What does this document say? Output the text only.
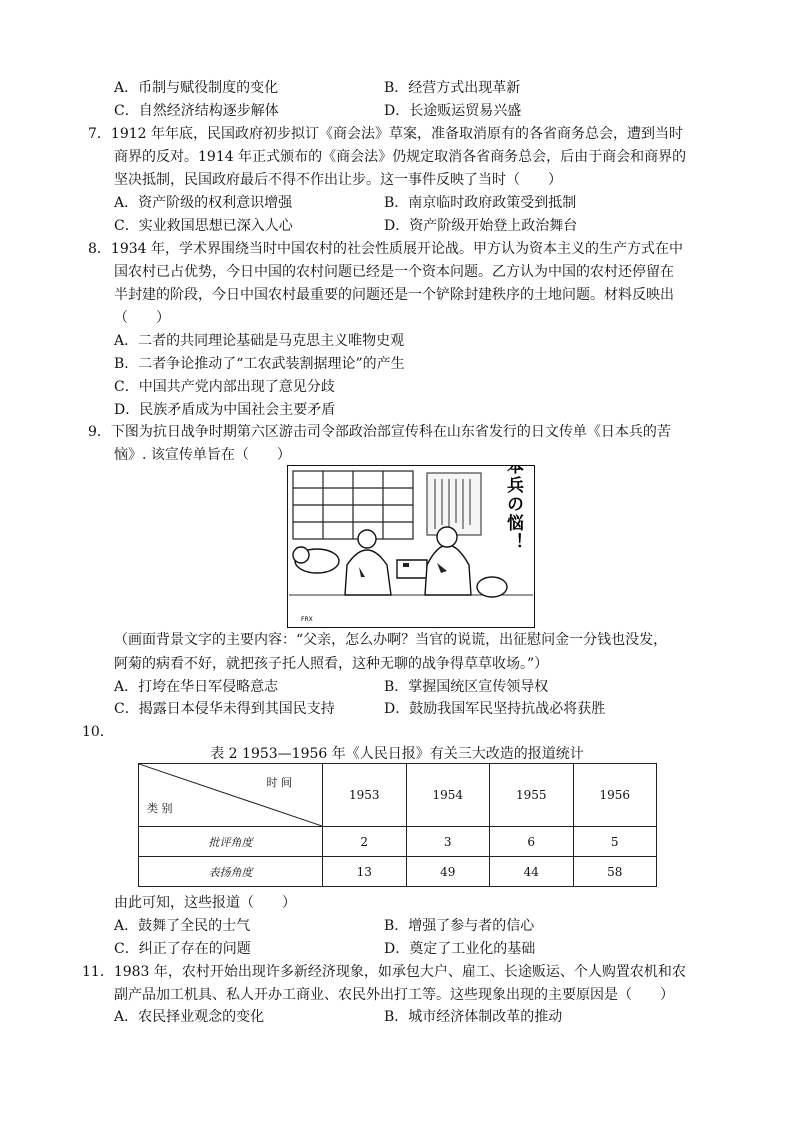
A．币制与赋役制度的变化	B．经营方式出现革新
C．自然经济结构逐步解体	D．长途贩运贸易兴盛
7．1912 年年底，民国政府初步拟订《商会法》草案，准备取消原有的各省商务总会，遭到当时
商界的反对。1914 年正式颁布的《商会法》仍规定取消各省商务总会，后由于商会和商界的
坚决抵制，民国政府最后不得不作出让步。这一事件反映了当时（　　）
A．资产阶级的权利意识增强	B．南京临时政府政策受到抵制
C．实业救国思想已深入人心	D．资产阶级开始登上政治舞台
8．1934 年，学术界围绕当时中国农村的社会性质展开论战。甲方认为资本主义的生产方式在中
国农村已占优势，今日中国的农村问题已经是一个资本问题。乙方认为中国的农村还停留在
半封建的阶段，今日中国农村最重要的问题还是一个铲除封建秩序的土地问题。材料反映出
（　　）
A．二者的共同理论基础是马克思主义唯物史观
B．二者争论推动了“工农武装割据理论”的产生
C．中国共产党内部出现了意见分歧
D．民族矛盾成为中国社会主要矛盾
9．下图为抗日战争时期第六区游击司令部政治部宣传科在山东省发行的日文传单《日本兵的苦
恼》. 该宣传单旨在（　　）	日本兵の悩！
FRX
（画面背景文字的主要内容：“父亲，怎么办啊？当官的说谎，出征慰问金一分钱也没发，
阿菊的病看不好，就把孩子托人照看，这种无聊的战争得草草收场。”）
A．打垮在华日军侵略意志	B．掌握国统区宣传领导权
C．揭露日本侵华未得到其国民支持	D．鼓励我国军民坚持抗战必将获胜
10．
表 2 1953—1956 年《人民日报》有关三大改造的报道统计
时 间
类 别	1953	1954	1955	1956
批评角度	2	3	6	5
表扬角度	13	49	44	58
由此可知，这些报道（　　）
A．鼓舞了全民的士气	B．增强了参与者的信心
C．纠正了存在的问题	D．奠定了工业化的基础
11．1983 年，农村开始出现许多新经济现象，如承包大户、雇工、长途贩运、个人购置农机和农
副产品加工机具、私人开办工商业、农民外出打工等。这些现象出现的主要原因是（　　）
A．农民择业观念的变化	B．城市经济体制改革的推动
